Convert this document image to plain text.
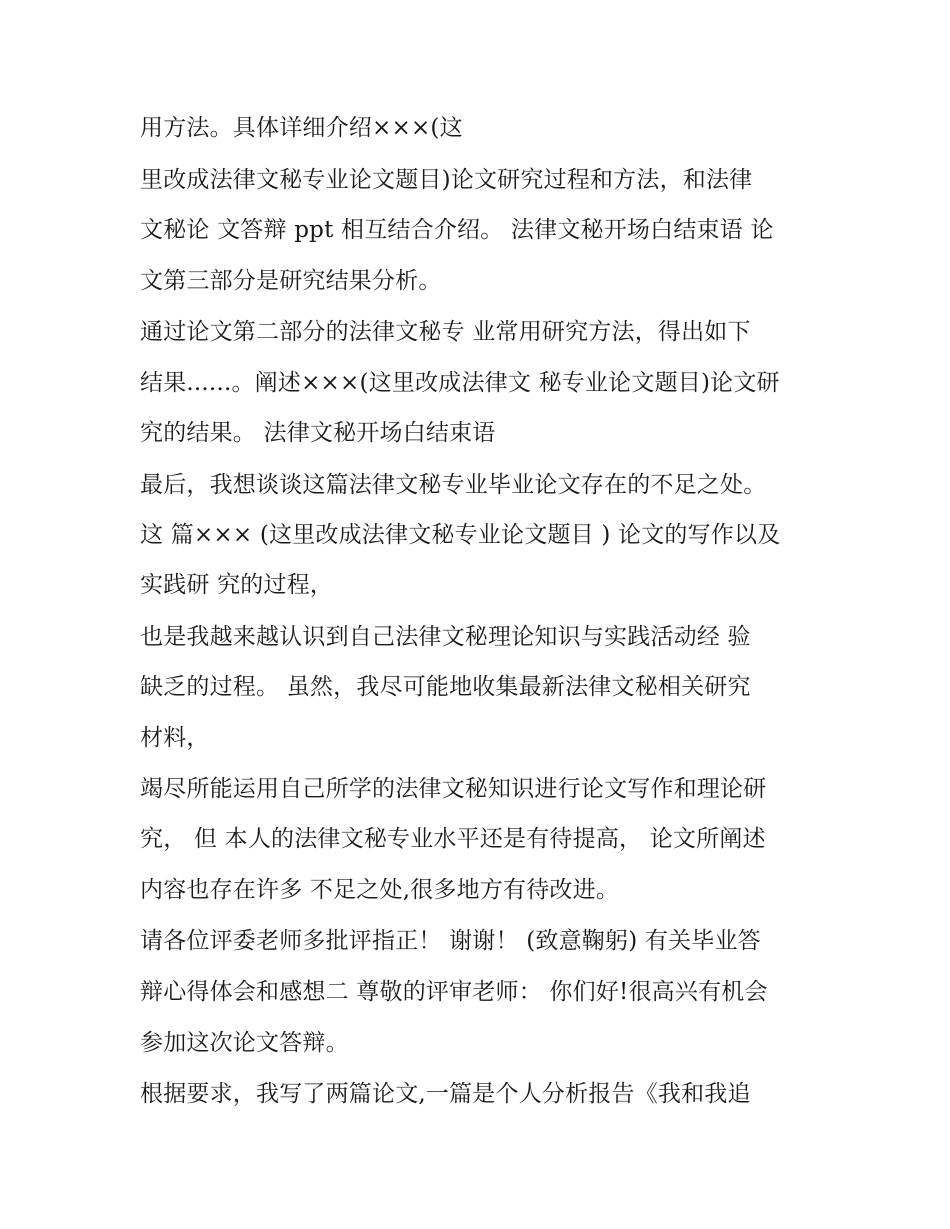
用方法。具体详细介绍×××(这
里改成法律文秘专业论文题目)论文研究过程和方法，和法律
文秘论 文答辩 ppt 相互结合介绍。 法律文秘开场白结束语 论
文第三部分是研究结果分析。
通过论文第二部分的法律文秘专 业常用研究方法，得出如下
结果......。阐述×××(这里改成法律文 秘专业论文题目)论文研
究的结果。 法律文秘开场白结束语
最后，我想谈谈这篇法律文秘专业毕业论文存在的不足之处。
这 篇××× (这里改成法律文秘专业论文题目 ) 论文的写作以及
实践研 究的过程，
也是我越来越认识到自己法律文秘理论知识与实践活动经 验
缺乏的过程。 虽然，我尽可能地收集最新法律文秘相关研究
材料，
竭尽所能运用自己所学的法律文秘知识进行论文写作和理论研
究， 但 本人的法律文秘专业水平还是有待提高， 论文所阐述
内容也存在许多 不足之处,很多地方有待改进。
请各位评委老师多批评指正！ 谢谢！ (致意鞠躬) 有关毕业答
辩心得体会和感想二 尊敬的评审老师： 你们好!很高兴有机会
参加这次论文答辩。
根据要求，我写了两篇论文,一篇是个人分析报告《我和我追
